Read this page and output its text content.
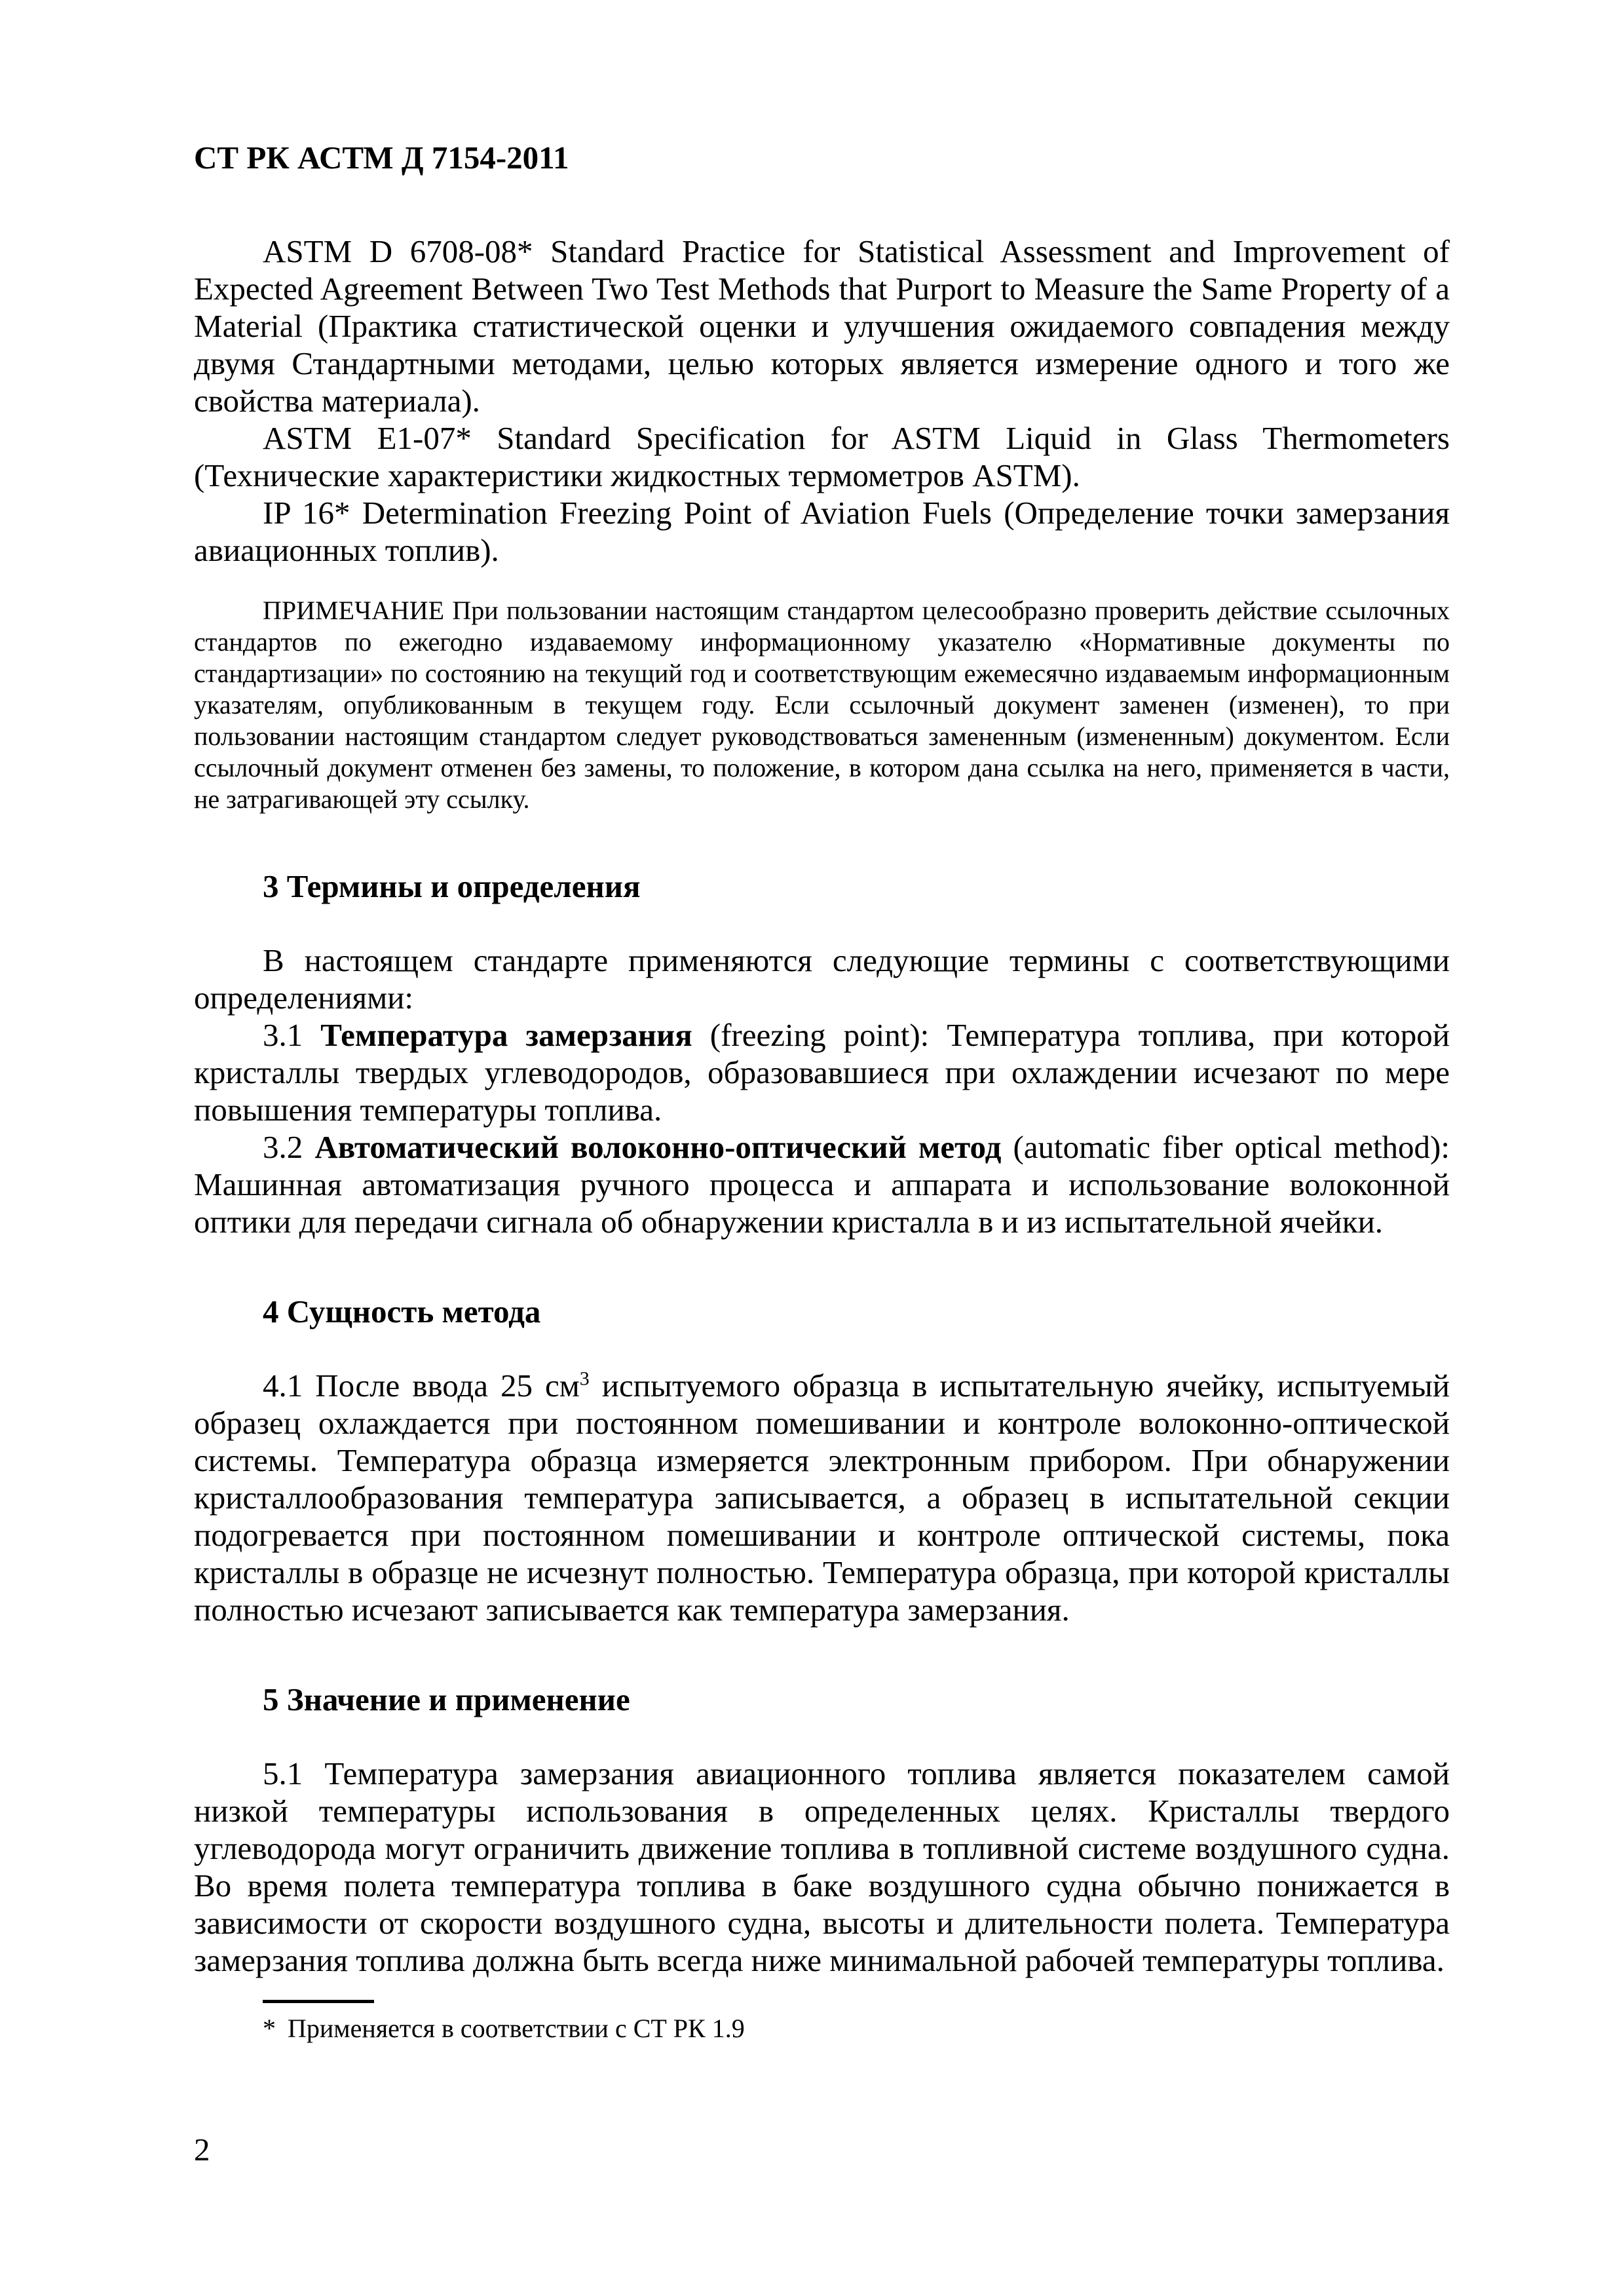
СТ РК АСТМ Д 7154-2011

ASTM D 6708-08* Standard Practice for Statistical Assessment and Improvement of Expected Agreement Between Two Test Methods that Purport to Measure the Same Property of a Material (Практика статистической оценки и улучшения ожидаемого совпадения между двумя Стандартными методами, целью которых является измерение одного и того же свойства материала).

ASTM E1-07* Standard Specification for ASTM Liquid in Glass Thermometers (Технические характеристики жидкостных термометров ASTM).

IP 16* Determination Freezing Point of Aviation Fuels (Определение точки замерзания авиационных топлив).

ПРИМЕЧАНИЕ При пользовании настоящим стандартом целесообразно проверить действие ссылочных стандартов по ежегодно издаваемому информационному указателю «Нормативные документы по стандартизации» по состоянию на текущий год и соответствующим ежемесячно издаваемым информационным указателям, опубликованным в текущем году. Если ссылочный документ заменен (изменен), то при пользовании настоящим стандартом следует руководствоваться замененным (измененным) документом. Если ссылочный документ отменен без замены, то положение, в котором дана ссылка на него, применяется в части, не затрагивающей эту ссылку.

3 Термины и определения

В настоящем стандарте применяются следующие термины с соответствующими определениями:

3.1 Температура замерзания (freezing point): Температура топлива, при которой кристаллы твердых углеводородов, образовавшиеся при охлаждении исчезают по мере повышения температуры топлива.

3.2 Автоматический волоконно-оптический метод (automatic fiber optical method): Машинная автоматизация ручного процесса и аппарата и использование волоконной оптики для передачи сигнала об обнаружении кристалла в и из испытательной ячейки.

4 Сущность метода

4.1 После ввода 25 $см^3$ испытуемого образца в испытательную ячейку, испытуемый образец охлаждается при постоянном помешивании и контроле волоконно-оптической системы. Температура образца измеряется электронным прибором. При обнаружении кристаллообразования температура записывается, а образец в испытательной секции подогревается при постоянном помешивании и контроле оптической системы, пока кристаллы в образце не исчезнут полностью. Температура образца, при которой кристаллы полностью исчезают записывается как температура замерзания.

5 Значение и применение

5.1 Температура замерзания авиационного топлива является показателем самой низкой температуры использования в определенных целях. Кристаллы твердого углеводорода могут ограничить движение топлива в топливной системе воздушного судна. Во время полета температура топлива в баке воздушного судна обычно понижается в зависимости от скорости воздушного судна, высоты и длительности полета. Температура замерзания топлива должна быть всегда ниже минимальной рабочей температуры топлива.

* Применяется в соответствии с СТ РК 1.9

2
